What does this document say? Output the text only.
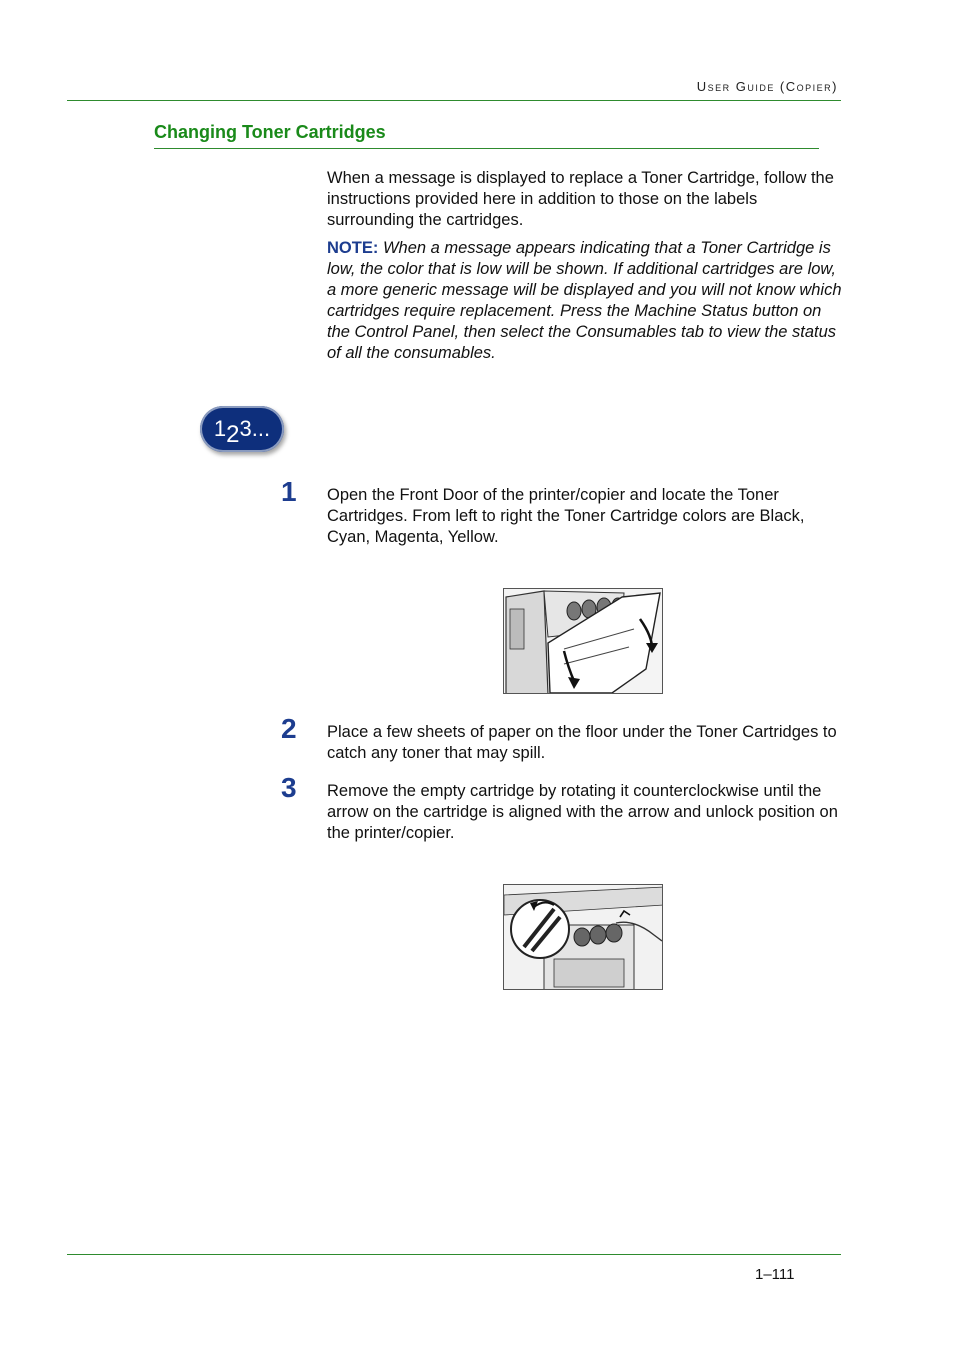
User Guide (Copier)
Changing Toner Cartridges
When a message is displayed to replace a Toner Cartridge, follow the instructions provided here in addition to those on the labels surrounding the cartridges.
NOTE: When a message appears indicating that a Toner Cartridge is low, the color that is low will be shown. If additional cartridges are low, a more generic message will be displayed and you will not know which cartridges require replacement. Press the Machine Status button on the Control Panel, then select the Consumables tab to view the status of all the consumables.
123...
1 Open the Front Door of the printer/copier and locate the Toner Cartridges. From left to right the Toner Cartridge colors are Black, Cyan, Magenta, Yellow.
2 Place a few sheets of paper on the floor under the Toner Cartridges to catch any toner that may spill.
3 Remove the empty cartridge by rotating it counterclockwise until the arrow on the cartridge is aligned with the arrow and unlock position on the printer/copier.
1–111
